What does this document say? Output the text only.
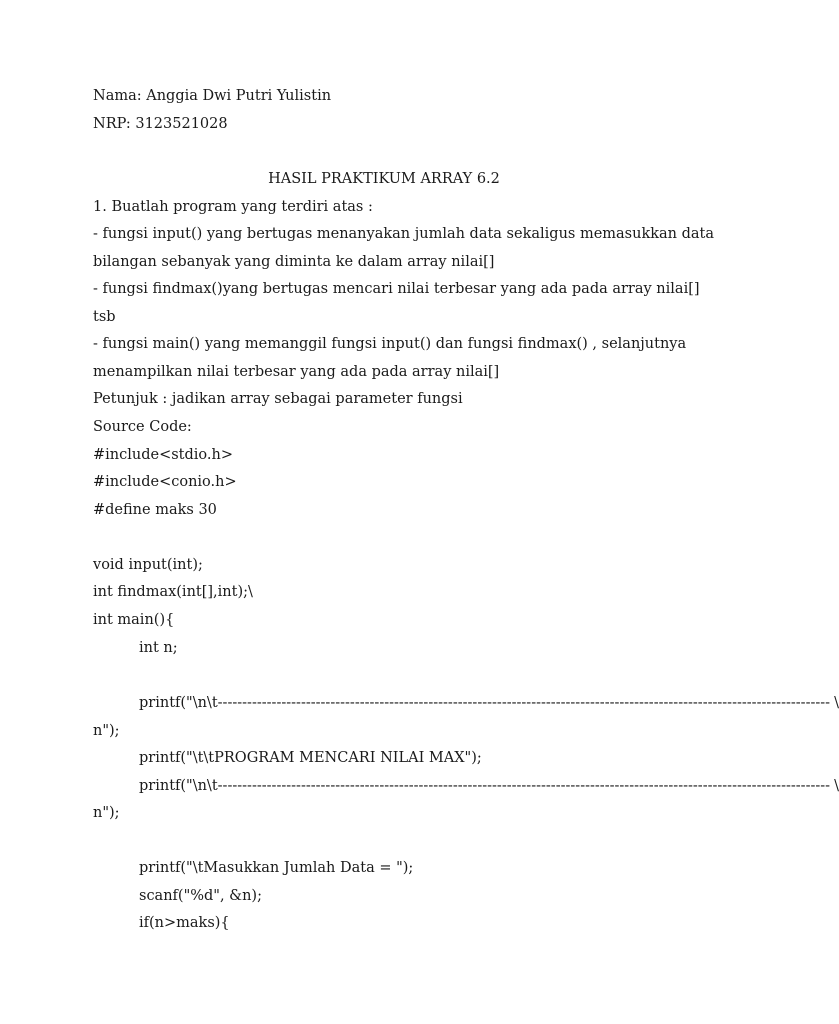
Nama: Anggia Dwi Putri Yulistin
NRP: 3123521028
HASIL PRAKTIKUM ARRAY 6.2
1. Buatlah program yang terdiri atas :
- fungsi input() yang bertugas menanyakan jumlah data sekaligus memasukkan data
bilangan sebanyak yang diminta ke dalam array nilai[]
- fungsi findmax()yang bertugas mencari nilai terbesar yang ada pada array nilai[]
tsb
- fungsi main() yang memanggil fungsi input() dan fungsi findmax() , selanjutnya
menampilkan nilai terbesar yang ada pada array nilai[]
Petunjuk : jadikan array sebagai parameter fungsi
Source Code:
#include<stdio.h>
#include<conio.h>
#define maks 30
void input(int);
int findmax(int[],int);\
int main(){
int n;
printf("\n\t- ---------------------------------------------------------------------------------------------------------------------------- \
n");
printf("\t\tPROGRAM MENCARI NILAI MAX");
printf("\n\t- ---------------------------------------------------------------------------------------------------------------------------- \
n");
printf("\tMasukkan Jumlah Data = ");
scanf("%d", &n);
if(n>maks){
